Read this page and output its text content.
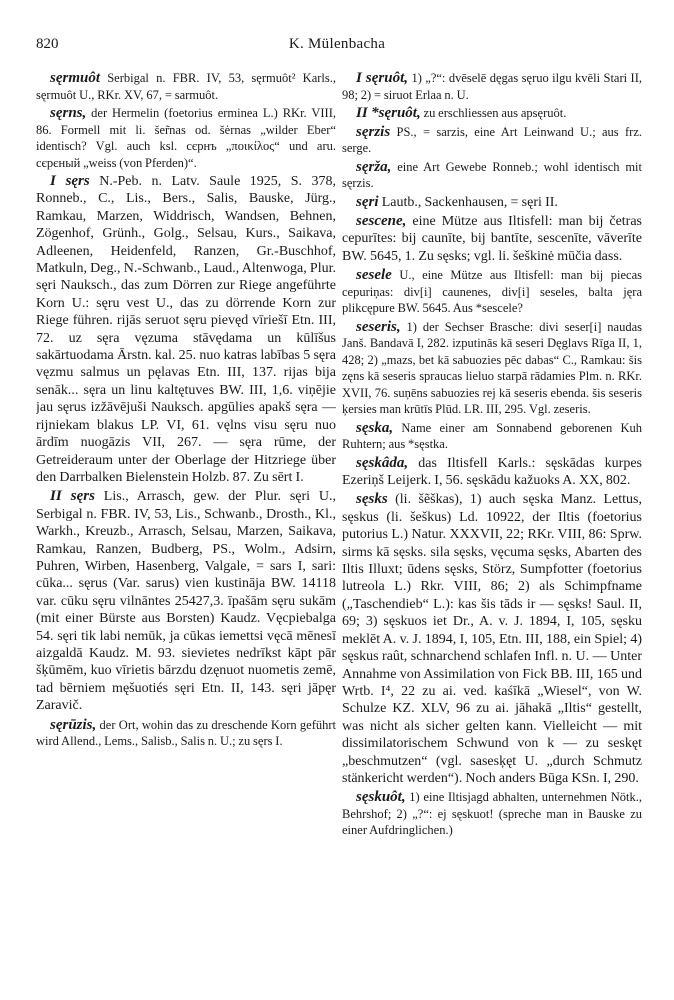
820	K. Mülenbacha

sęrmuôt Serbigal n. FBR. IV, 53, sęrmuôt² Karls., sęrmuôt U., RKr. XV, 67, = sarmuôt.

sęrns, der Hermelin (foetorius erminea L.) RKr. VIII, 86. Formell mit li. šer̃nas od. šėrnas „wilder Eber“ identisch? Vgl. auch ksl. сєрнъ „ποικίλος“ und aru. сєрєный „weiss (von Pferden)“.

I sęrs N.-Peb. n. Latv. Saule 1925, S. 378, Ronneb., C., Lis., Bers., Salis, Bauske, Jürg., Ramkau, Marzen, Widdrisch, Wandsen, Behnen, Zögenhof, Grünh., Golg., Selsau, Kurs., Saikava, Adleenen, Heidenfeld, Ranzen, Gr.-Buschhof, Matkuln, Deg., N.-Schwanb., Laud., Altenwoga, Plur. sęri Nauksch., das zum Dörren zur Riege angeführte Korn U.: sęru vest U., das zu dörrende Korn zur Riege führen. rijās seruot sęru pievęd vīriešī Etn. III, 72. uz sęra vęzuma stāvędama un kūlīšus sakārtuodama Ārstn. kal. 25. nuo katras labības 5 sęra vęzmu salmus un pęlavas Etn. III, 137. rijas bija senāk... sęra un linu kaltętuves BW. III, 1,6. viņējie jau sęrus izžāvējuši Nauksch. apgūlies apakš sęra — rijniekam blakus LP. VI, 61. vęlns visu sęru nuo ārdīm nuogāzis VII, 267. — sęra rūme, der Getreideraum unter der Oberlage der Hitzriege über den Darrbalken Bielenstein Holzb. 87. Zu sērt I.

II sęrs Lis., Arrasch, gew. der Plur. sęri U., Serbigal n. FBR. IV, 53, Lis., Schwanb., Drosth., Kl., Warkh., Kreuzb., Arrasch, Selsau, Marzen, Saikava, Ramkau, Ranzen, Budberg, PS., Wolm., Adsirn, Puhren, Wirben, Hasenberg, Valgale, = sars I, sari: cūka... sęrus (Var. sarus) vien kustināja BW. 14118 var. cūku sęru vilnāntes 25427,3. īpašām sęru sukām (mit einer Bürste aus Borsten) Kaudz. Vęcpiebalga 54. sęri tik labi nemūk, ja cūkas iemettsi vęcā mēnesī aizgaldā Kaudz. M. 93. sievietes nedrīkst kāpt pār šķūmēm, kuo vīrietis bārzdu dzęnuot nuometis zemē, tad bērniem męšuotiés sęri Etn. II, 143. sęri jāpęr Zaravič.

sęrūzis, der Ort, wohin das zu dreschende Korn geführt wird Allend., Lems., Salisb., Salis n. U.; zu sęrs I.

I sęruôt, 1) „?“: dvēselē dęgas sęruo ilgu kvēli Stari II, 98; 2) = siruot Erlaa n. U.

II *sęruôt, zu erschliessen aus apsęruôt.

sęrzis PS., = sarzis, eine Art Leinwand U.; aus frz. serge.

sęrža, eine Art Gewebe Ronneb.; wohl identisch mit sęrzis.

sęri Lautb., Sackenhausen, = sęri II.

sescene, eine Mütze aus Iltisfell: man bij četras cepurītes: bij caunīte, bij bantīte, sescenīte, vāverīte BW. 5645, 1. Zu sęsks; vgl. li. šeškinė mūčia dass.

sesele U., eine Mütze aus Iltisfell: man bij piecas cepuriņas: div[i] caunenes, div[i] seseles, balta jęra plikcępure BW. 5645. Aus *sescele?

seseris, 1) der Sechser Brasche: divi seser[i] naudas Janš. Bandavā I, 282. izputinās kā seseri Dęglavs Rīga II, 1, 428; 2) „mazs, bet kā sabuozies pēc dabas“ C., Ramkau: šis zęns kā seseris spraucas lieluo starpā rādamies Plm. n. RKr. XVII, 76. suņēns sabuozies rej kā seseris ebenda. šis seseris ķersies man krūtīs Plūd. LR. III, 295. Vgl. zeseris.

sęska, Name einer am Sonnabend geborenen Kuh Ruhtern; aus *sęstka.

sęskâda, das Iltisfell Karls.: sęskādas kurpes Ezeriņš Leijerk. I, 56. sęskādu kažuoks A. XX, 802.

sęsks (li. šẽškas), 1) auch sęska Manz. Lettus, sęskus (li. šeškus) Ld. 10922, der Iltis (foetorius putorius L.) Natur. XXXVII, 22; RKr. VIII, 86: Sprw. sirms kā sęsks. sila sęsks, vęcuma sęsks, Abarten des Iltis Illuxt; ūdens sęsks, Störz, Sumpfotter (foetorius lutreola L.) Rkr. VIII, 86; 2) als Schimpfname („Taschendieb“ L.): kas šis tāds ir — sęsks! Saul. II, 69; 3) sęskuos iet Dr., A. v. J. 1894, I, 105, sęsku meklēt A. v. J. 1894, I, 105, Etn. III, 188, ein Spiel; 4) sęskus raût, schnarchend schlafen Infl. n. U. — Unter Annahme von Assimilation von Fick BB. III, 165 und Wrtb. I⁴, 22 zu ai. ved. kaśīkā „Wiesel“, von W. Schulze KZ. XLV, 96 zu ai. jāhakā „Iltis“ gestellt, was nicht als sicher gelten kann. Vielleicht — mit dissimilatorischem Schwund von k — zu seskęt „beschmutzen“ (vgl. sasesķęt U. „durch Schmutz stänkericht werden“). Noch anders Būga KSn. I, 290.

sęskuôt, 1) eine Iltisjagd abhalten, unternehmen Nötk., Behrshof; 2) „?“: ej sęskuot! (spreche man in Bauske zu einer Aufdringlichen.)
